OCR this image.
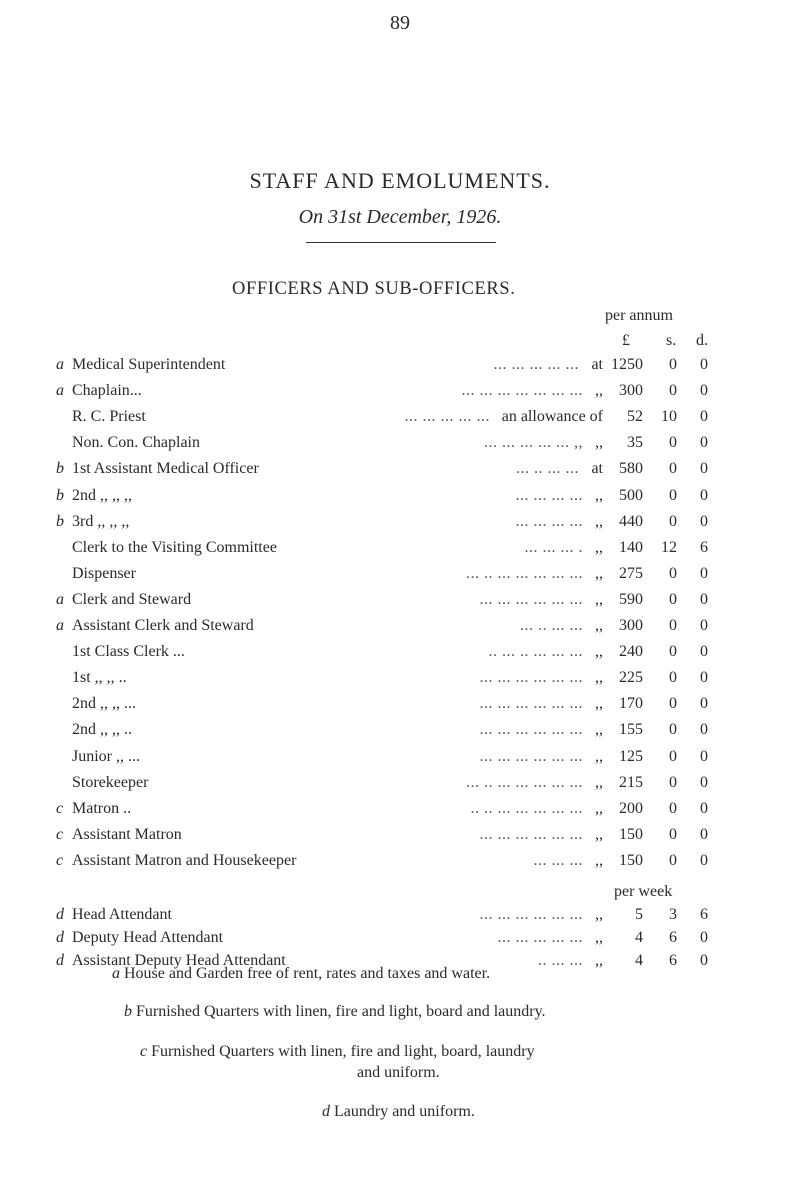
89
STAFF AND EMOLUMENTS.
On 31st December, 1926.
OFFICERS AND SUB-OFFICERS.
per annum
£ s. d.
a Medical Superintendent	... ... ... ... ... at 1250	0	0
a Chaplain...	... ... ... ... ... ... ... ,,	300	0	0
R. C. Priest	... ... ... ... ... an allowance of	52	10	0
Non. Con. Chaplain	... ... ... ... ... ,, ,,	35	0	0
b 1st Assistant Medical Officer	... .. ... ... at	580	0	0
b 2nd ,, ,, ,,	... ... ... ... ,,	500	0	0
b 3rd ,, ,, ,,	... ... ... ... ,,	440	0	0
Clerk to the Visiting Committee	... ... ... . ,,	140	12	6
Dispenser	... .. ... ... ... ... ... ,,	275	0	0
a Clerk and Steward	... ... ... ... ... ... ,,	590	0	0
a Assistant Clerk and Steward	... .. ... ... ,,	300	0	0
1st Class Clerk ...	.. ... .. ... ... ... ,,	240	0	0
1st ,, ,, ..	... ... ... ... ... ... ,,	225	0	0
2nd ,, ,, ...	... ... ... ... ... ... ,,	170	0	0
2nd ,, ,, ..	... ... ... ... ... ... ,,	155	0	0
Junior ,, ...	... ... ... ... ... ... ,,	125	0	0
Storekeeper	... .. ... ... ... ... ... ,,	215	0	0
c Matron ..	.. .. ... ... ... ... ... ,,	200	0	0
c Assistant Matron	... ... ... ... ... ... ,,	150	0	0
c Assistant Matron and Housekeeper	... ... ... ,,	150	0	0
per week
d Head Attendant	... ... ... ... ... ... ,,	5	3	6
d Deputy Head Attendant	... ... ... ... ... ,,	4	6	0
d Assistant Deputy Head Attendant	.. ... ... ,,	4	6	0
a House and Garden free of rent, rates and taxes and water.
b Furnished Quarters with linen, fire and light, board and laundry.
c Furnished Quarters with linen, fire and light, board, laundry
and uniform.
d Laundry and uniform.
